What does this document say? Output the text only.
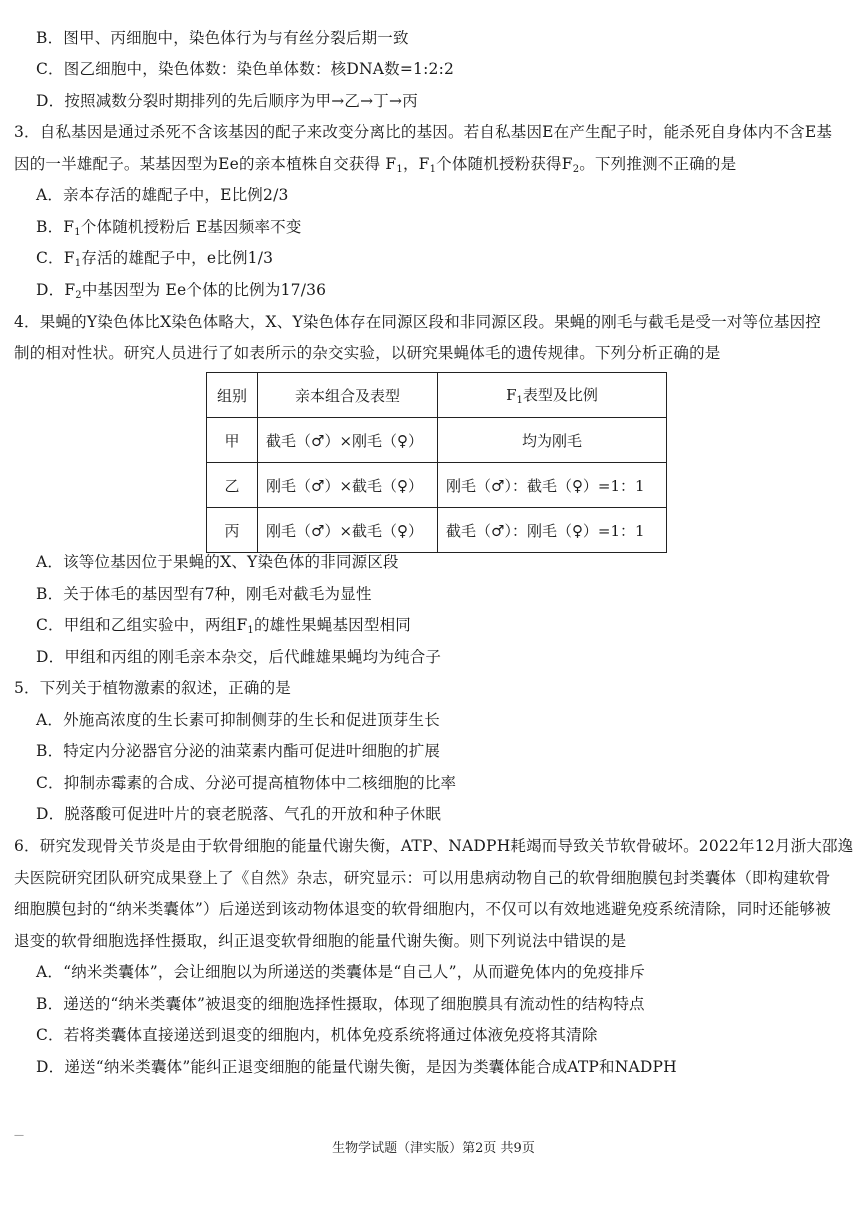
B．图甲、丙细胞中，染色体行为与有丝分裂后期一致
C．图乙细胞中，染色体数：染色单体数：核DNA数=1:2:2
D．按照减数分裂时期排列的先后顺序为甲→乙→丁→丙
3．自私基因是通过杀死不含该基因的配子来改变分离比的基因。若自私基因E在产生配子时，能杀死自身体内不含E基
因的一半雄配子。某基因型为Ee的亲本植株自交获得 $F_1$，$F_1$个体随机授粉获得$F_2$。下列推测不正确的是
A．亲本存活的雄配子中，E比例2/3
B．$F_1$个体随机授粉后 E基因频率不变
C．$F_1$存活的雄配子中，e比例1/3
D．$F_2$中基因型为 Ee个体的比例为17/36
4．果蝇的Y染色体比X染色体略大，X、Y染色体存在同源区段和非同源区段。果蝇的刚毛与截毛是受一对等位基因控
制的相对性状。研究人员进行了如表所示的杂交实验，以研究果蝇体毛的遗传规律。下列分析正确的是
组别	亲本组合及表型	$F_1$表型及比例
甲	截毛（♂）×刚毛（♀）	均为刚毛
乙	刚毛（♂）×截毛（♀）	刚毛（♂）：截毛（♀）=1：1
丙	刚毛（♂）×截毛（♀）	截毛（♂）：刚毛（♀）=1：1
A．该等位基因位于果蝇的X、Y染色体的非同源区段
B．关于体毛的基因型有7种，刚毛对截毛为显性
C．甲组和乙组实验中，两组$F_1$的雄性果蝇基因型相同
D．甲组和丙组的刚毛亲本杂交，后代雌雄果蝇均为纯合子
5．下列关于植物激素的叙述，正确的是
A．外施高浓度的生长素可抑制侧芽的生长和促进顶芽生长
B．特定内分泌器官分泌的油菜素内酯可促进叶细胞的扩展
C．抑制赤霉素的合成、分泌可提高植物体中二核细胞的比率
D．脱落酸可促进叶片的衰老脱落、气孔的开放和种子休眠
6．研究发现骨关节炎是由于软骨细胞的能量代谢失衡，ATP、NADPH耗竭而导致关节软骨破坏。2022年12月浙大邵逸
夫医院研究团队研究成果登上了《自然》杂志，研究显示：可以用患病动物自己的软骨细胞膜包封类囊体（即构建软骨
细胞膜包封的“纳米类囊体”）后递送到该动物体退变的软骨细胞内，不仅可以有效地逃避免疫系统清除，同时还能够被
退变的软骨细胞选择性摄取，纠正退变软骨细胞的能量代谢失衡。则下列说法中错误的是
A．“纳米类囊体”，会让细胞以为所递送的类囊体是“自己人”，从而避免体内的免疫排斥
B．递送的“纳米类囊体”被退变的细胞选择性摄取，体现了细胞膜具有流动性的结构特点
C．若将类囊体直接递送到退变的细胞内，机体免疫系统将通过体液免疫将其清除
D．递送“纳米类囊体”能纠正退变细胞的能量代谢失衡，是因为类囊体能合成ATP和NADPH
—
生物学试题（津实版）第2页 共9页
